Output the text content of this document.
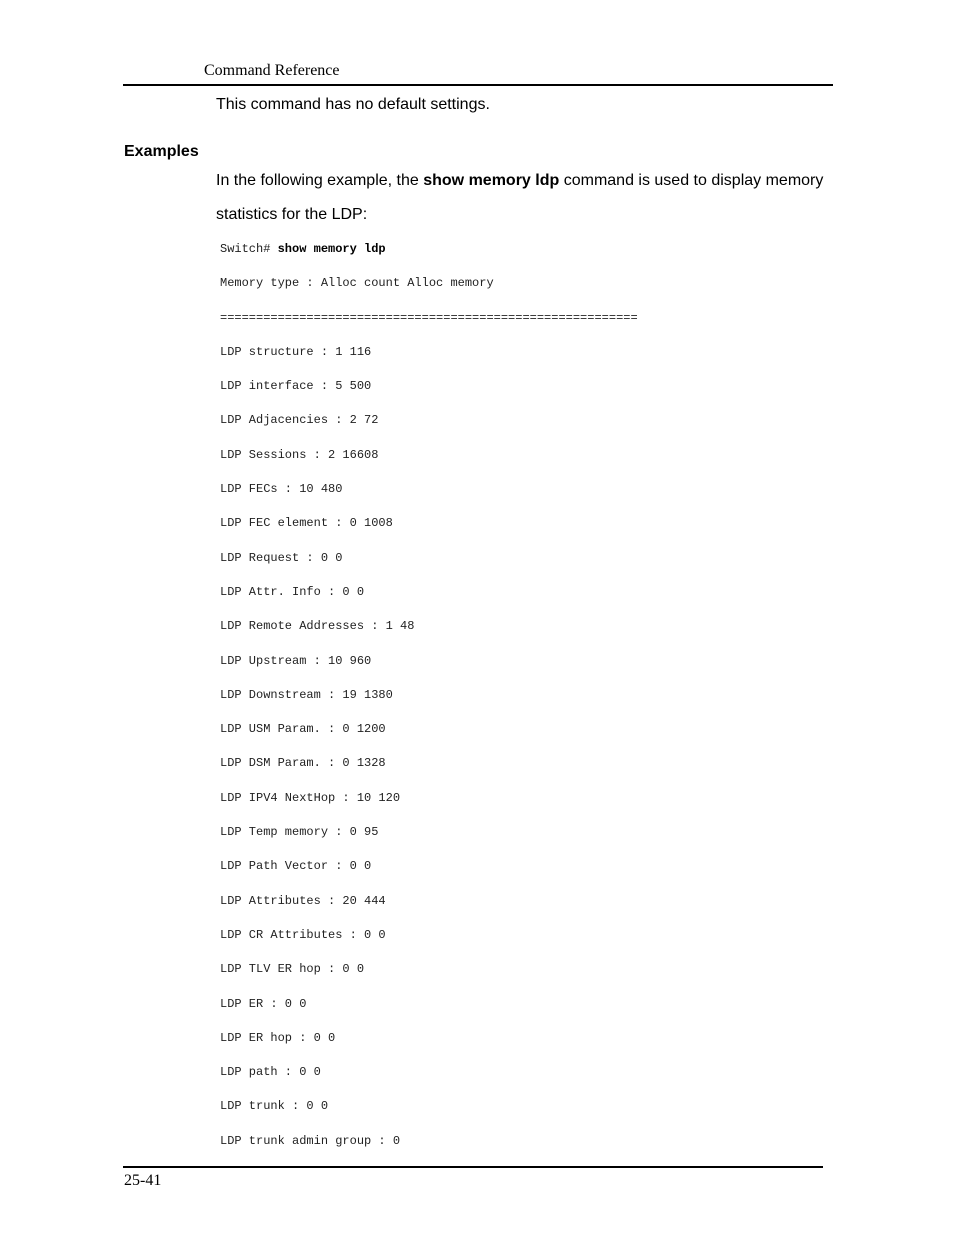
Command Reference
This command has no default settings.
Examples

In the following example, the show memory ldp command is used to display memory statistics for the LDP:

Switch# show memory ldp
Memory type : Alloc count Alloc memory
==========================================================
LDP structure : 1 116
LDP interface : 5 500
LDP Adjacencies : 2 72
LDP Sessions : 2 16608
LDP FECs : 10 480
LDP FEC element : 0 1008
LDP Request : 0 0
LDP Attr. Info : 0 0
LDP Remote Addresses : 1 48
LDP Upstream : 10 960
LDP Downstream : 19 1380
LDP USM Param. : 0 1200
LDP DSM Param. : 0 1328
LDP IPV4 NextHop : 10 120
LDP Temp memory : 0 95
LDP Path Vector : 0 0
LDP Attributes : 20 444
LDP CR Attributes : 0 0
LDP TLV ER hop : 0 0
LDP ER : 0 0
LDP ER hop : 0 0
LDP path : 0 0
LDP trunk : 0 0
LDP trunk admin group : 0
25-41
